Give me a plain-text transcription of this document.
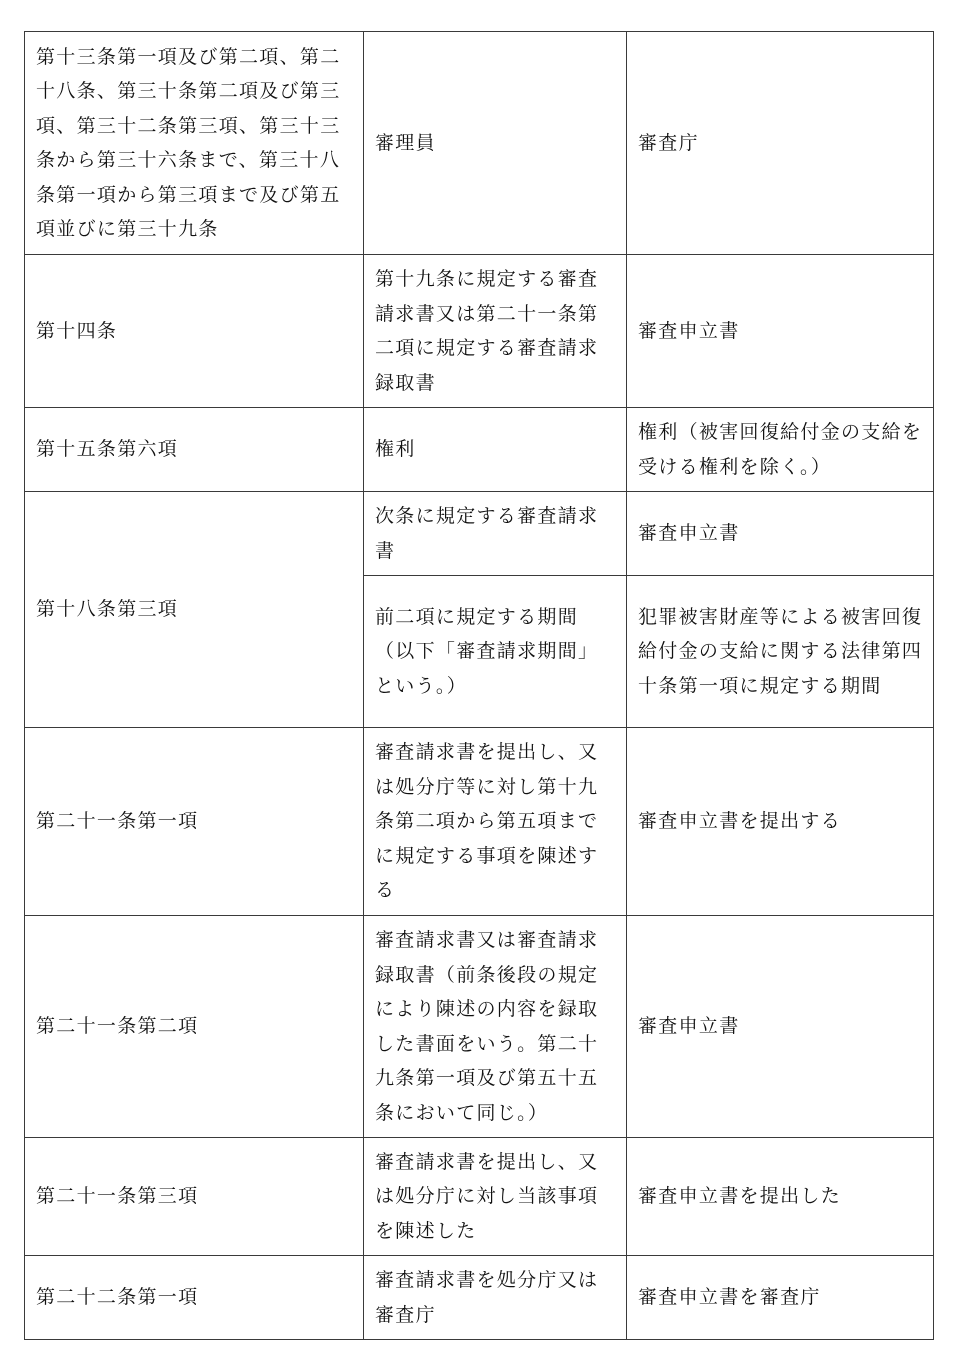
第十三条第一項及び第二項、第二十八条、第三十条第二項及び第三項、第三十二条第三項、第三十三条から第三十六条まで、第三十八条第一項から第三項まで及び第五項並びに第三十九条	審理員	審査庁
第十四条	第十九条に規定する審査請求書又は第二十一条第二項に規定する審査請求録取書	審査申立書
第十五条第六項	権利	権利（被害回復給付金の支給を受ける権利を除く。）
第十八条第三項	次条に規定する審査請求書	審査申立書
	前二項に規定する期間（以下「審査請求期間」という。）	犯罪被害財産等による被害回復給付金の支給に関する法律第四十条第一項に規定する期間
第二十一条第一項	審査請求書を提出し、又は処分庁等に対し第十九条第二項から第五項までに規定する事項を陳述する	審査申立書を提出する
第二十一条第二項	審査請求書又は審査請求録取書（前条後段の規定により陳述の内容を録取した書面をいう。第二十九条第一項及び第五十五条において同じ。）	審査申立書
第二十一条第三項	審査請求書を提出し、又は処分庁に対し当該事項を陳述した	審査申立書を提出した
第二十二条第一項	審査請求書を処分庁又は審査庁	審査申立書を審査庁
